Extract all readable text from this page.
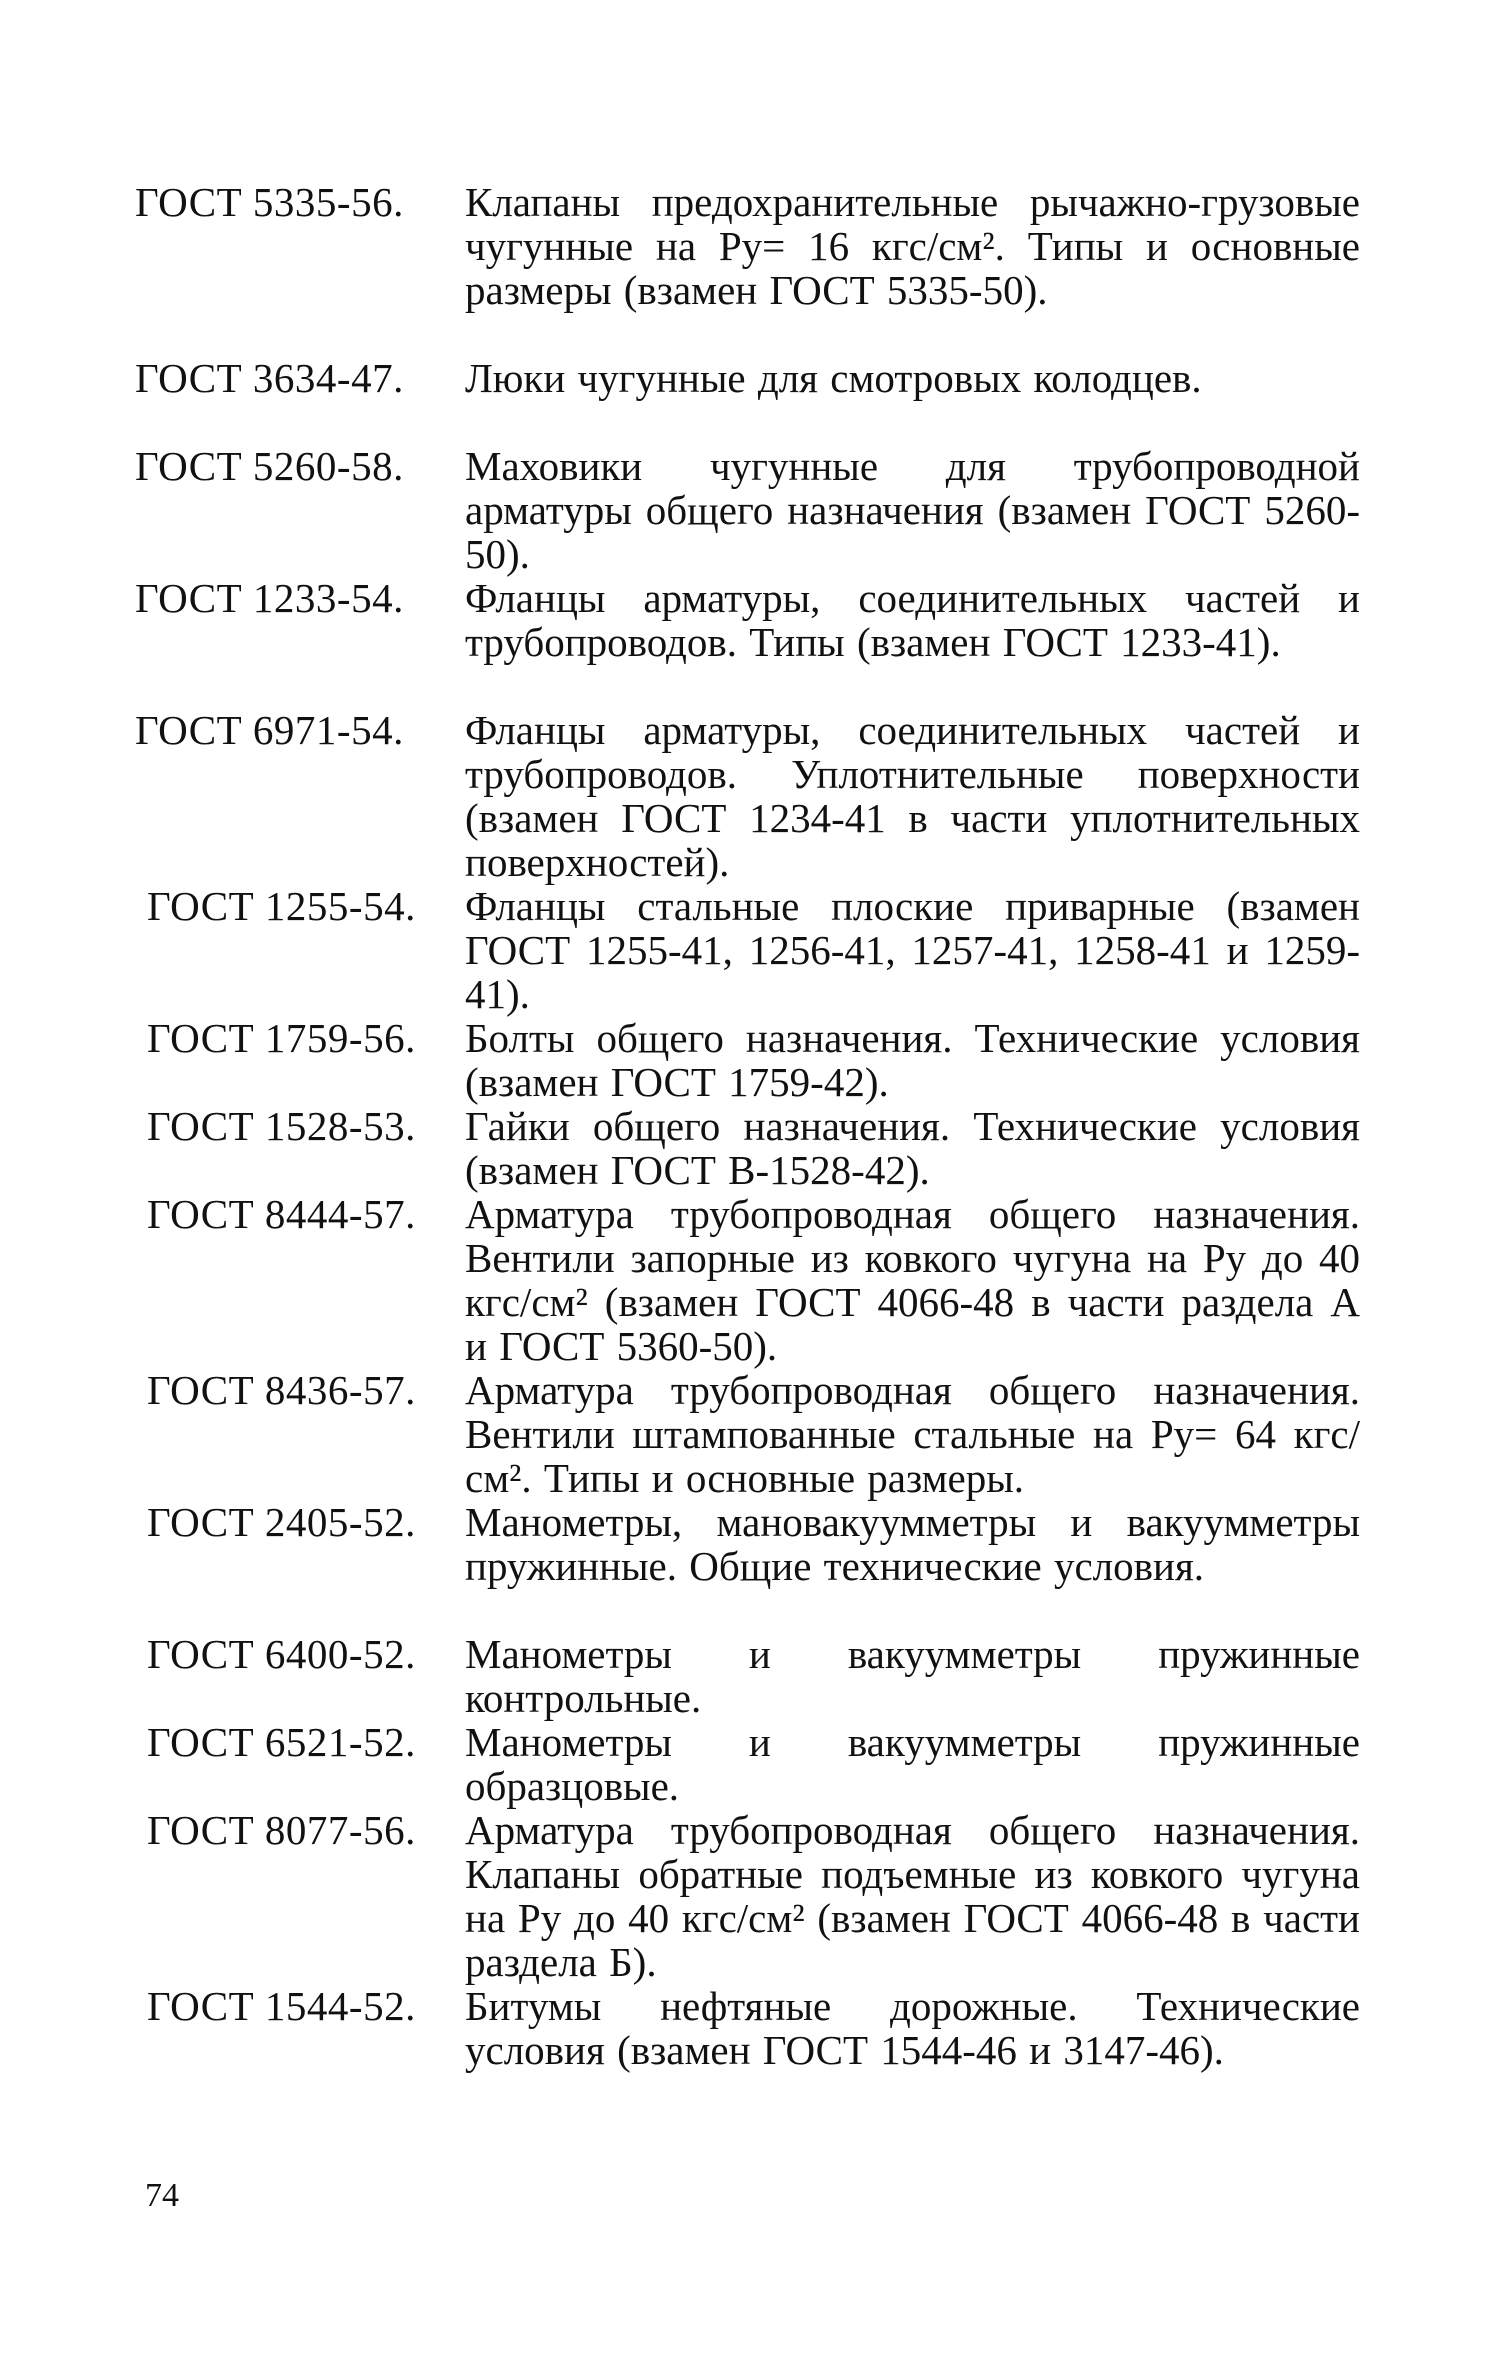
ГОСТ 5335-56.	Клапаны предохранительные рычажно-грузовые чугунные на Pу= 16 кгс/см². Типы и основные размеры (взамен ГОСТ 5335-50).
ГОСТ 3634-47.	Люки чугунные для смотровых колодцев.
ГОСТ 5260-58.	Маховики чугунные для трубопроводной арматуры общего назначения (взамен ГОСТ 5260-50).
ГОСТ 1233-54.	Фланцы арматуры, соединительных частей и трубопроводов. Типы (взамен ГОСТ 1233-41).
ГОСТ 6971-54.	Фланцы арматуры, соединительных частей и трубопроводов. Уплотнительные поверхности (взамен ГОСТ 1234-41 в части уплотнительных поверхностей).
ГОСТ 1255-54.	Фланцы стальные плоские приварные (взамен ГОСТ 1255-41, 1256-41, 1257-41, 1258-41 и 1259-41).
ГОСТ 1759-56.	Болты общего назначения. Технические условия (взамен ГОСТ 1759-42).
ГОСТ 1528-53.	Гайки общего назначения. Технические условия (взамен ГОСТ В-1528-42).
ГОСТ 8444-57.	Арматура трубопроводная общего назначения. Вентили запорные из ковкого чугуна на Pу до 40 кгс/см² (взамен ГОСТ 4066-48 в части раздела А и ГОСТ 5360-50).
ГОСТ 8436-57.	Арматура трубопроводная общего назначения. Вентили штампованные стальные на Pу= 64 кгс/см². Типы и основные размеры.
ГОСТ 2405-52.	Манометры, мановакуумметры и вакуумметры пружинные. Общие технические условия.
ГОСТ 6400-52.	Манометры и вакуумметры пружинные контрольные.
ГОСТ 6521-52.	Манометры и вакуумметры пружинные образцовые.
ГОСТ 8077-56.	Арматура трубопроводная общего назначения. Клапаны обратные подъемные из ковкого чугуна на Pу до 40 кгс/см² (взамен ГОСТ 4066-48 в части раздела Б).
ГОСТ 1544-52.	Битумы нефтяные дорожные. Технические условия (взамен ГОСТ 1544-46 и 3147-46).
74
